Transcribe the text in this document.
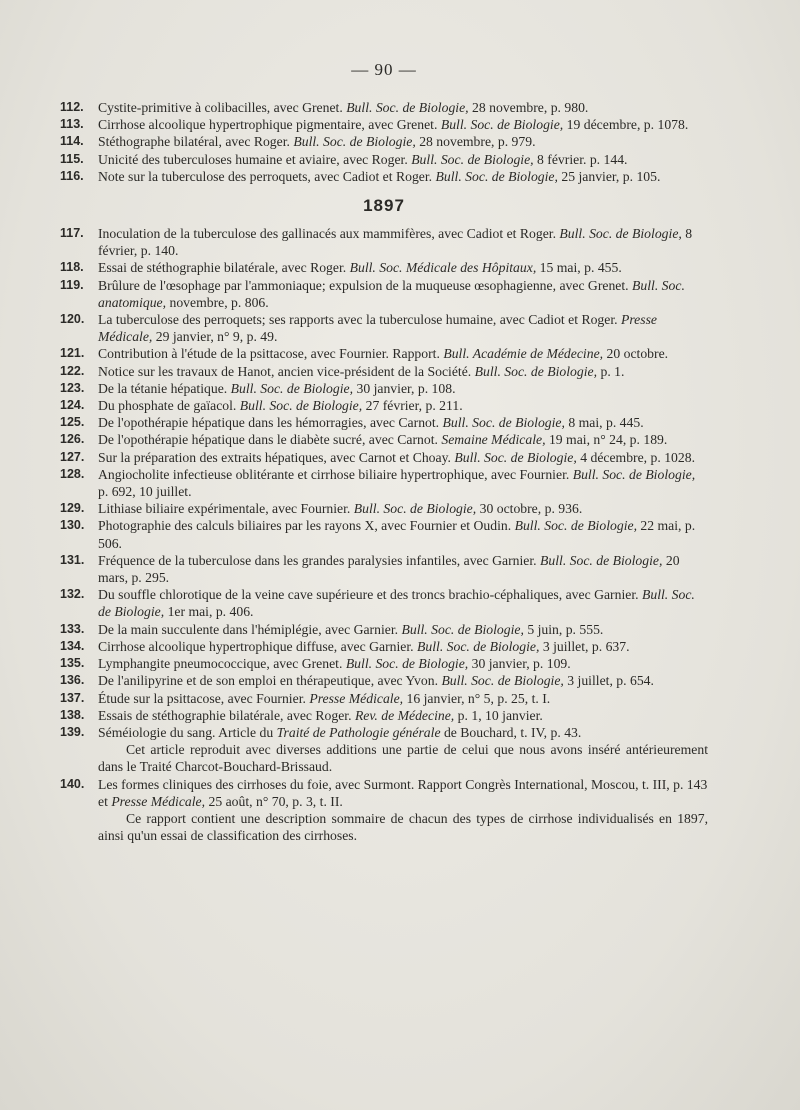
— 90 —

112.	Cystite-primitive à colibacilles, avec Grenet. Bull. Soc. de Biologie, 28 novembre, p. 980.

113.	Cirrhose alcoolique hypertrophique pigmentaire, avec Grenet. Bull. Soc. de Biologie, 19 décembre, p. 1078.

114.	Stéthographe bilatéral, avec Roger. Bull. Soc. de Biologie, 28 novembre, p. 979.

115.	Unicité des tuberculoses humaine et aviaire, avec Roger. Bull. Soc. de Biologie, 8 février. p. 144.

116.	Note sur la tuberculose des perroquets, avec Cadiot et Roger. Bull. Soc. de Biologie, 25 janvier, p. 105.

1897

117.	Inoculation de la tuberculose des gallinacés aux mammifères, avec Cadiot et Roger. Bull. Soc. de Biologie, 8 février, p. 140.

118.	Essai de stéthographie bilatérale, avec Roger. Bull. Soc. Médicale des Hôpitaux, 15 mai, p. 455.

119.	Brûlure de l'œsophage par l'ammoniaque; expulsion de la muqueuse œsophagienne, avec Grenet. Bull. Soc. anatomique, novembre, p. 806.

120. La tuberculose des perroquets; ses rapports avec la tuberculose humaine, avec Cadiot et Roger. Presse Médicale, 29 janvier, n° 9, p. 49.

121. Contribution à l'étude de la psittacose, avec Fournier. Rapport. Bull. Académie de Médecine, 20 octobre.

122. Notice sur les travaux de Hanot, ancien vice-président de la Société. Bull. Soc. de Biologie, p. 1.

123. De la tétanie hépatique. Bull. Soc. de Biologie, 30 janvier, p. 108.

124. Du phosphate de gaïacol. Bull. Soc. de Biologie, 27 février, p. 211.

125. De l'opothérapie hépatique dans les hémorragies, avec Carnot. Bull. Soc. de Biologie, 8 mai, p. 445.

126. De l'opothérapie hépatique dans le diabète sucré, avec Carnot. Semaine Médicale, 19 mai, n° 24, p. 189.

127. Sur la préparation des extraits hépatiques, avec Carnot et Choay. Bull. Soc. de Biologie, 4 décembre, p. 1028.

128. Angiocholite infectieuse oblitérante et cirrhose biliaire hypertrophique, avec Fournier. Bull. Soc. de Biologie, p. 692, 10 juillet.

129. Lithiase biliaire expérimentale, avec Fournier. Bull. Soc. de Biologie, 30 octobre, p. 936.

130. Photographie des calculs biliaires par les rayons X, avec Fournier et Oudin. Bull. Soc. de Biologie, 22 mai, p. 506.

131. Fréquence de la tuberculose dans les grandes paralysies infantiles, avec Garnier. Bull. Soc. de Biologie, 20 mars, p. 295.

132. Du souffle chlorotique de la veine cave supérieure et des troncs brachio-céphaliques, avec Garnier. Bull. Soc. de Biologie, 1er mai, p. 406.

133. De la main succulente dans l'hémiplégie, avec Garnier. Bull. Soc. de Biologie, 5 juin, p. 555.

134. Cirrhose alcoolique hypertrophique diffuse, avec Garnier. Bull. Soc. de Biologie, 3 juillet, p. 637.

135. Lymphangite pneumococcique, avec Grenet. Bull. Soc. de Biologie, 30 janvier, p. 109.

136. De l'anilipyrine et de son emploi en thérapeutique, avec Yvon. Bull. Soc. de Biologie, 3 juillet, p. 654.

137. Étude sur la psittacose, avec Fournier. Presse Médicale, 16 janvier, n° 5, p. 25, t. I.

138. Essais de stéthographie bilatérale, avec Roger. Rev. de Médecine, p. 1, 10 janvier.

139. Séméiologie du sang. Article du Traité de Pathologie générale de Bouchard, t. IV, p. 43.

Cet article reproduit avec diverses additions une partie de celui que nous avons inséré antérieurement dans le Traité Charcot-Bouchard-Brissaud.

140. Les formes cliniques des cirrhoses du foie, avec Surmont. Rapport Congrès International, Moscou, t. III, p. 143 et Presse Médicale, 25 août, n° 70, p. 3, t. II.

Ce rapport contient une description sommaire de chacun des types de cirrhose individualisés en 1897, ainsi qu'un essai de classification des cirrhoses.
